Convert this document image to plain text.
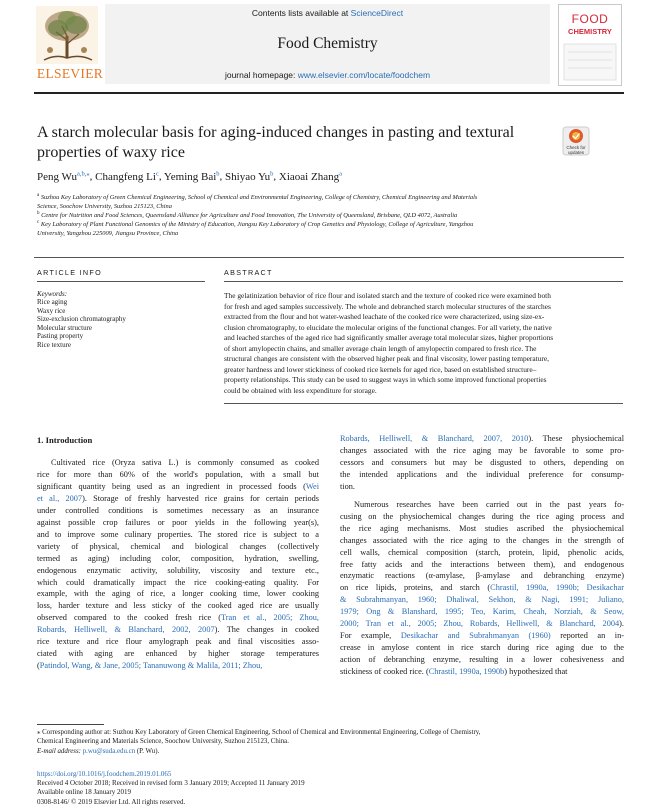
Contents lists available at ScienceDirect
Food Chemistry
journal homepage: www.elsevier.com/locate/foodchem
ELSEVIER
FOOD
CHEMISTRY
A starch molecular basis for aging-induced changes in pasting and textural
properties of waxy rice	Check for
updates
Peng $Wu^{a,b,⁎}$, Changfeng Li$^c$, Yeming Bai$^b$, Shiyao Yu$^b$, Xiaoai Zhang$^a$
$^a$ Suzhou Key Laboratory of Green Chemical Engineering, School of Chemical and Environmental Engineering, College of Chemistry, Chemical Engineering and Materials
Science, Soochow University, Suzhou 215123, China
$^b$ Centre for Nutrition and Food Sciences, Queensland Alliance for Agriculture and Food Innovation, The University of Queensland, Brisbane, QLD 4072, Australia
$^c$ Key Laboratory of Plant Functional Genomics of the Ministry of Education, Jiangsu Key Laboratory of Crop Genetics and Physiology, College of Agriculture, Yangzhou
University, Yangzhou 225009, Jiangsu Province, China
ARTICLE INFO
Keywords:
Rice aging
Waxy rice
Size-exclusion chromatography
Molecular structure
Pasting property
Rice texture
ABSTRACT
The gelatinization behavior of rice flour and isolated starch and the texture of cooked rice were examined both
for fresh and aged samples successively. The whole and debranched starch molecular structures of the starches
extracted from the flour and hot water-washed leachate of the cooked rice were characterized, using size-ex-
clusion chromatography, to elucidate the molecular origins of the functional changes. For all variety, the native
and leached starches of the aged rice had significantly smaller average total molecular sizes, higher proportions
of short amylopectin chains, and smaller average chain length of amylopectin compared to fresh rice. The
structural changes are consistent with the observed higher peak and final viscosity, lower pasting temperature,
greater hardness and lower stickiness of cooked rice kernels for aged rice, based on established structure–
property relationships. This study can be used to suggest ways in which some improved functional properties
could be obtained with less expenditure for storage.
1. Introduction
Cultivated rice (Oryza sativa L.) is commonly consumed as cooked
rice for more than 60% of the world's population, with a small but
significant quantity being used as an ingredient in processed foods (Wei
et al., 2007). Storage of freshly harvested rice grains for certain periods
under controlled conditions is sometimes necessary as an insurance
against possible crop failures or poor yields in the following year(s),
and to improve some culinary properties. The stored rice is subject to a
variety of physical, chemical and biological changes (collectively
termed as aging) including color, composition, hydration, swelling,
endogenous enzymatic activity, solubility, viscosity and texture etc.,
which could dramatically impact the rice cooking-eating quality. For
example, with the aging of rice, a longer cooking time, lower cooking
loss, harder texture and less sticky of the cooked aged rice are usually
observed compared to the cooked fresh rice (Tran et al., 2005; Zhou,
Robards, Helliwell, & Blanchard, 2002, 2007). The changes in cooked
rice texture and rice flour amylograph peak and final viscosities asso-
ciated with aging are enhanced by higher storage temperatures
(Patindol, Wang, & Jane, 2005; Tananuwong & Malila, 2011; Zhou,
Robards, Helliwell, & Blanchard, 2007, 2010). These physiochemical
changes associated with the rice aging may be favorable to some pro-
cessors and consumers but may be disgusted to others, depending on
the intended applications and the individual preference for consump-
tion.
Numerous researches have been carried out in the past years fo-
cusing on the physiochemical changes during the rice aging process and
the rice aging mechanisms. Most studies ascribed the physiochemical
changes associated with the rice aging to the changes in the strength of
cell walls, chemical composition (starch, protein, lipid, phenolic acids,
free fatty acids and the interactions between them), and endogenous
enzymatic reactions (α-amylase, β-amylase and debranching enzyme)
on rice lipids, proteins, and starch (Chrastil, 1990a, 1990b; Desikachar
& Subrahmanyan, 1960; Dhaliwal, Sekhon, & Nagi, 1991; Juliano,
1979; Ong & Blanshard, 1995; Teo, Karim, Cheah, Norziah, & Seow,
2000; Tran et al., 2005; Zhou, Robards, Helliwell, & Blanchard, 2004).
For example, Desikachar and Subrahmanyan (1960) reported an in-
crease in amylose content in rice starch during rice aging due to the
action of debranching enzyme, resulting in a lower cohesiveness and
stickiness of cooked rice. (Chrastil, 1990a, 1990b) hypothesized that
⁎ Corresponding author at: Suzhou Key Laboratory of Green Chemical Engineering, School of Chemical and Environmental Engineering, College of Chemistry,
Chemical Engineering and Materials Science, Soochow University, Suzhou 215123, China.
E-mail address: p.wu@suda.edu.cn (P. Wu).
https://doi.org/10.1016/j.foodchem.2019.01.065
Received 4 October 2018; Received in revised form 3 January 2019; Accepted 11 January 2019
Available online 18 January 2019
0308-8146/ © 2019 Elsevier Ltd. All rights reserved.
